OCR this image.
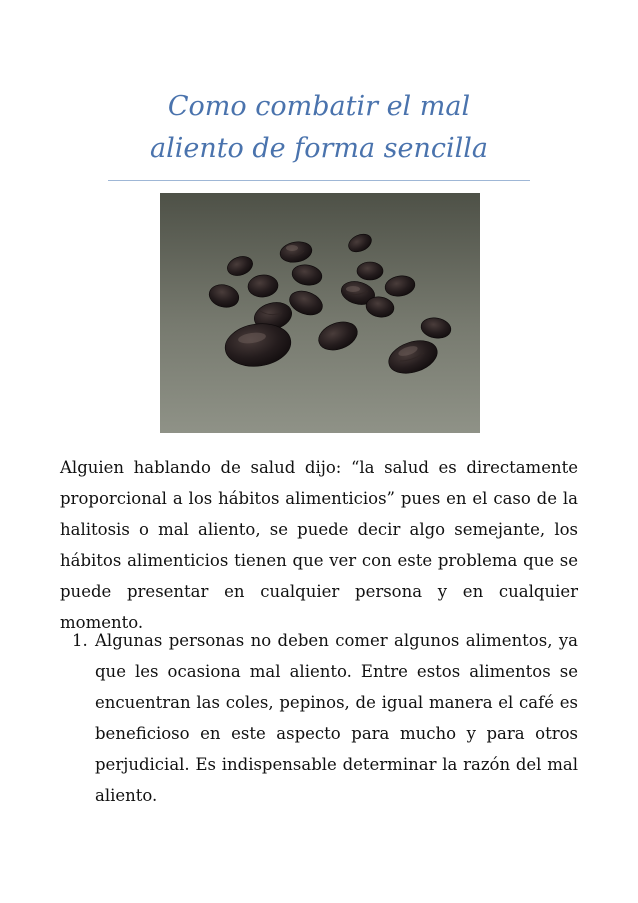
Como combatir el mal
aliento de forma sencilla

Alguien hablando de salud dijo: “la salud es directamente proporcional a los hábitos alimenticios” pues en el caso de la halitosis o mal aliento, se puede decir algo semejante, los hábitos alimenticios tienen que ver con este problema que se puede presentar en cualquier persona y en cualquier momento.

1. Algunas personas no deben comer algunos alimentos, ya que les ocasiona mal aliento. Entre estos alimentos se encuentran las coles, pepinos, de igual manera el café es beneficioso en este aspecto para mucho y para otros perjudicial. Es indispensable determinar la razón del mal aliento.
